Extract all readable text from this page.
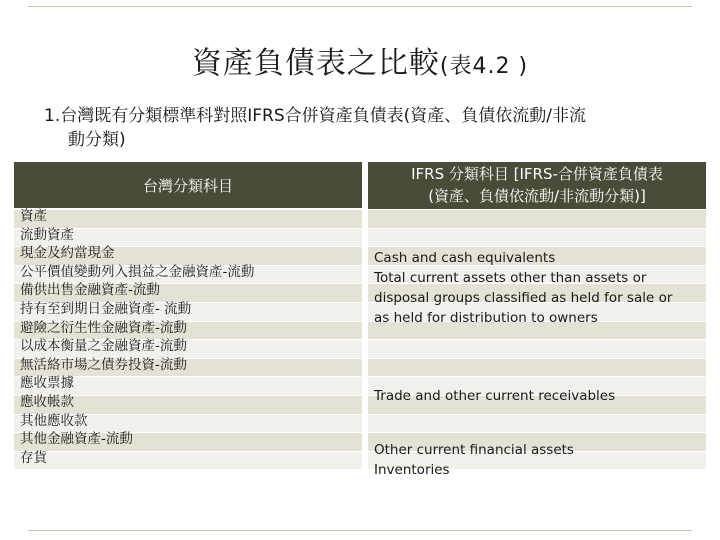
資產負債表之比較(表4.2 )
1.台灣既有分類標準科對照IFRS合併資產負債表(資產、負債依流動/非流
動分類)
台灣分類科目
IFRS 分類科目 [IFRS-合併資產負債表
(資產、負債依流動/非流動分類)]
資產
流動資產
現金及約當現金
公平價值變動列入損益之金融資產-流動
備供出售金融資產-流動
持有至到期日金融資產- 流動
避險之衍生性金融資產-流動
以成本衡量之金融資產-流動
無活絡市場之債券投資-流動
應收票據
應收帳款
其他應收款
其他金融資產-流動
存貨
Cash and cash equivalents
Total current assets other than assets or
disposal groups classified as held for sale or
as held for distribution to owners
Trade and other current receivables
Other current financial assets
Inventories
